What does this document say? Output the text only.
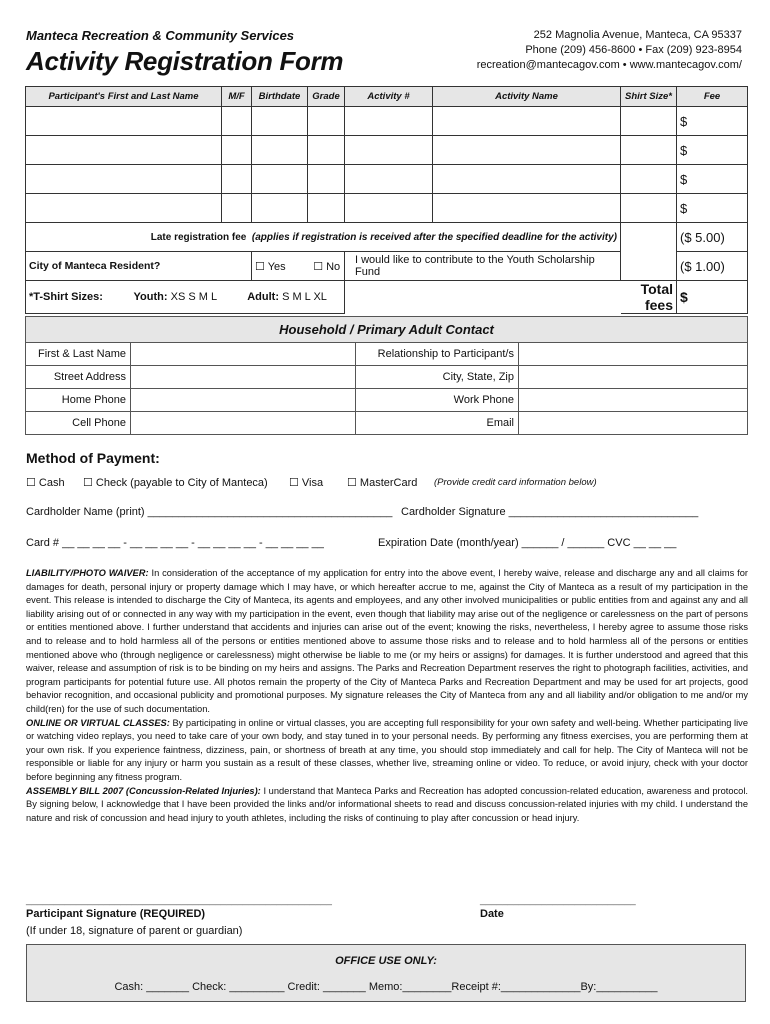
Manteca Recreation & Community Services
Activity Registration Form
252 Magnolia Avenue, Manteca, CA 95337
Phone (209) 456-8600 • Fax (209) 923-8954
recreation@mantecagov.com • www.mantecagov.com/
Participant's First and Last Name	M/F	Birthdate	Grade	Activity #	Activity Name	Shirt Size*	Fee
							$
							$
							$
							$
Late registration fee (applies if registration is received after the specified deadline for the activity)							($ 5.00)
City of Manteca Resident?		☐ Yes ☐ No		I would like to contribute to the Youth Scholarship Fund			($ 1.00)
*T-Shirt Sizes: Youth: XS S M L Adult: S M L XL						Total fees	$
Household / Primary Adult Contact			
First & Last Name		Relationship to Participant/s	
Street Address		City, State, Zip	
Home Phone		Work Phone	
Cell Phone		Email	
Method of Payment:
☐ Cash ☐ Check (payable to City of Manteca) ☐ Visa ☐ MasterCard (Provide credit card information below)
Cardholder Name (print) ________________________________________ Cardholder Signature _______________________________
Card # __ __ __ __ - __ __ __ __ - __ __ __ __ - __ __ __ __	Expiration Date (month/year) ______ / ______ CVC __ __ __
LIABILITY/PHOTO WAIVER: In consideration of the acceptance of my application for entry into the above event, I hereby waive, release and discharge any and all claims for damages for death, personal injury or property damage which I may have, or which hereafter accrue to me, against the City of Manteca as a result of my participation in the event. This release is intended to discharge the City of Manteca, its agents and employees, and any other involved municipalities or public entities from and against any and all liability arising out of or connected in any way with my participation in the event, even though that liability may arise out of the negligence or carelessness on the part of persons or entities mentioned above. I further understand that accidents and injuries can arise out of the event; knowing the risks, nevertheless, I hereby agree to assume those risks and to release and to hold harmless all of the persons or entities mentioned above to assume those risks and to release and to hold harmless all of the persons or entities mentioned above who (through negligence or carelessness) might otherwise be liable to me (or my heirs or assigns) for damages. It is further understood and agreed that this waiver, release and assumption of risk is to be binding on my heirs and assigns. The Parks and Recreation Department reserves the right to photograph facilities, activities, and program participants for potential future use. All photos remain the property of the City of Manteca Parks and Recreation Department and may be used for art projects, good behavior recognition, and occasional publicity and promotional purposes. My signature releases the City of Manteca from any and all liability and/or obligation to me and/or my child(ren) for the use of such documentation.
ONLINE OR VIRTUAL CLASSES: By participating in online or virtual classes, you are accepting full responsibility for your own safety and well-being. Whether participating live or watching video replays, you need to take care of your own body, and stay tuned in to your personal needs. By performing any fitness exercises, you are performing them at your own risk. If you experience faintness, dizziness, pain, or shortness of breath at any time, you should stop immediately and call for help. The City of Manteca will not be responsible or liable for any injury or harm you sustain as a result of these classes, whether live, streaming online or video. To reduce, or avoid injury, check with your doctor before beginning any fitness program.
ASSEMBLY BILL 2007 (Concussion-Related Injuries): I understand that Manteca Parks and Recreation has adopted concussion-related education, awareness and protocol. By signing below, I acknowledge that I have been provided the links and/or informational sheets to read and discuss concussion-related injuries with my child. I understand the nature and risk of concussion and head injury to youth athletes, including the risks of continuing to play after concussion or head injury.
_______________________________________________________	____________________________
Participant Signature (REQUIRED)
(If under 18, signature of parent or guardian)
Date
OFFICE USE ONLY:
Cash: _______ Check: _________ Credit: _______ Memo:________Receipt #:_____________By:__________
